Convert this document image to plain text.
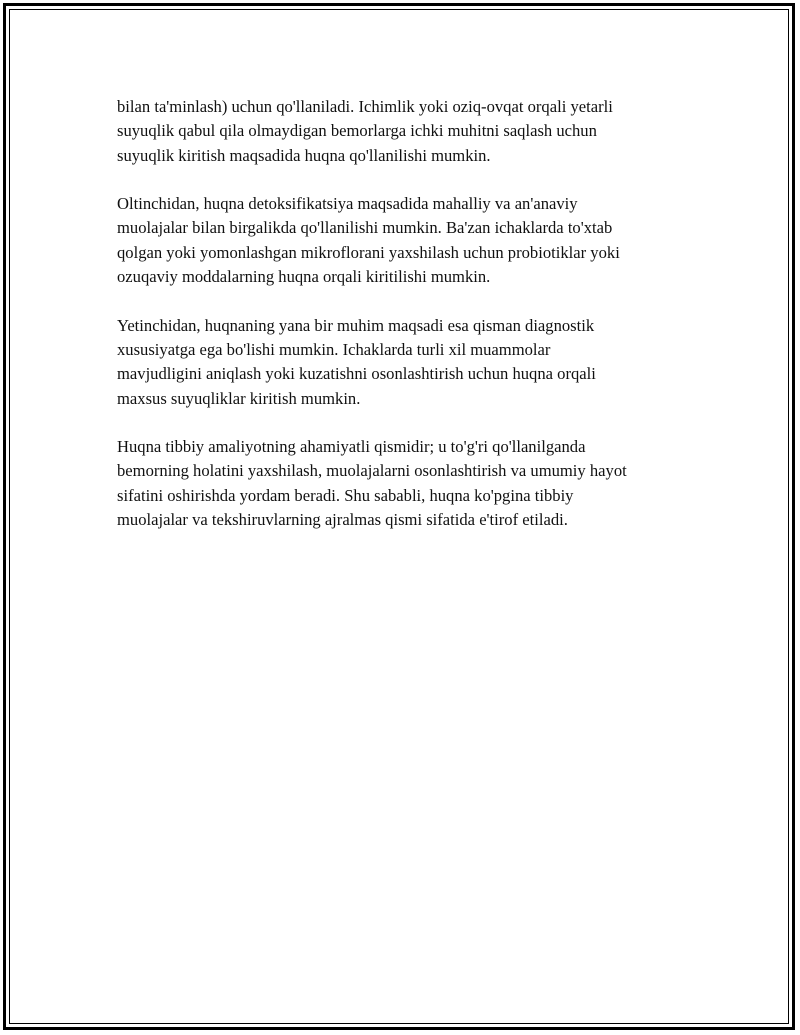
bilan ta'minlash) uchun qo'llaniladi. Ichimlik yoki oziq-ovqat orqali yetarli
suyuqlik qabul qila olmaydigan bemorlarga ichki muhitni saqlash uchun
suyuqlik kiritish maqsadida huqna qo'llanilishi mumkin.

Oltinchidan, huqna detoksifikatsiya maqsadida mahalliy va an'anaviy
muolajalar bilan birgalikda qo'llanilishi mumkin. Ba'zan ichaklarda to'xtab
qolgan yoki yomonlashgan mikroflorani yaxshilash uchun probiotiklar yoki
ozuqaviy moddalarning huqna orqali kiritilishi mumkin.

Yetinchidan, huqnaning yana bir muhim maqsadi esa qisman diagnostik
xususiyatga ega bo'lishi mumkin. Ichaklarda turli xil muammolar
mavjudligini aniqlash yoki kuzatishni osonlashtirish uchun huqna orqali
maxsus suyuqliklar kiritish mumkin.

Huqna tibbiy amaliyotning ahamiyatli qismidir; u to'g'ri qo'llanilganda
bemorning holatini yaxshilash, muolajalarni osonlashtirish va umumiy hayot
sifatini oshirishda yordam beradi. Shu sababli, huqna ko'pgina tibbiy
muolajalar va tekshiruvlarning ajralmas qismi sifatida e'tirof etiladi.
